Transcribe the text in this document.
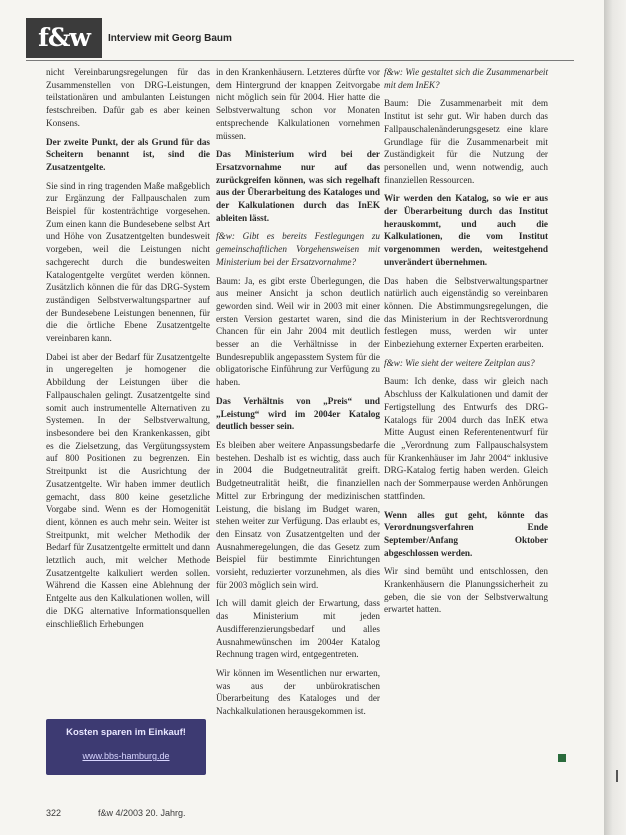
f&w	Interview mit Georg Baum

nicht Vereinbarungsregelungen für das Zusammenstellen von DRG-Leistungen, teilstationären und ambulanten Leistungen festschreiben. Dafür gab es aber keinen Konsens.

Der zweite Punkt, der als Grund für das Scheitern benannt ist, sind die Zusatzentgelte.

Sie sind in ring tragenden Maße maßgeblich zur Ergänzung der Fallpauschalen zum Beispiel für kostenträchtige vorgesehen. Zum einen kann die Bundesebene selbst Art und Höhe von Zusatzentgelten bundesweit vorgeben, weil die Leistungen nicht sachgerecht durch die bundesweiten Katalogentgelte vergütet werden können. Zusätzlich können die für das DRG-System zuständigen Selbstverwaltungspartner auf der Bundesebene Leistungen benennen, für die die örtliche Ebene Zusatzentgelte vereinbaren kann.

Dabei ist aber der Bedarf für Zusatzentgelte in ungeregelten je homogener die Abbildung der Leistungen über die Fallpauschalen gelingt. Zusatzentgelte sind somit auch instrumentelle Alternativen zu Systemen. In der Selbstverwaltung, insbesondere bei den Krankenkassen, gibt es die Zielsetzung, das Vergütungssystem auf 800 Positionen zu begrenzen. Ein Streitpunkt ist die Ausrichtung der Zusatzentgelte. Wir haben immer deutlich gemacht, dass 800 keine gesetzliche Vorgabe sind. Wenn es der Homogenität dient, können es auch mehr sein. Weiter ist Streitpunkt, mit welcher Methodik der Bedarf für Zusatzentgelte ermittelt und dann letztlich auch, mit welcher Methode Zusatzentgelte kalkuliert werden sollen. Während die Kassen eine Ablehnung der Entgelte aus den Kalkulationen wollen, will die DKG alternative Informationsquellen einschließlich Erhebungen

in den Krankenhäusern. Letzteres dürfte vor dem Hintergrund der knappen Zeitvorgabe nicht möglich sein für 2004. Hier hatte die Selbstverwaltung schon vor Monaten entsprechende Kalkulationen vornehmen müssen.

Das Ministerium wird bei der Ersatzvornahme nur auf das zurückgreifen können, was sich regelhaft aus der Überarbeitung des Kataloges und der Kalkulationen durch das InEK ableiten lässt.

f&w: Gibt es bereits Festlegungen zu gemeinschaftlichen Vorgehensweisen mit Ministerium bei der Ersatzvornahme?

Baum: Ja, es gibt erste Überlegungen, die aus meiner Ansicht ja schon deutlich geworden sind. Weil wir in 2003 mit einer ersten Version gestartet waren, sind die Chancen für ein Jahr 2004 mit deutlich besser an die Verhältnisse in der Bundesrepublik angepasstem System für die obligatorische Einführung zur Verfügung zu haben.

Das Verhältnis von „Preis“ und „Leistung“ wird im 2004er Katalog deutlich besser sein.

Es bleiben aber weitere Anpassungsbedarfe bestehen. Deshalb ist es wichtig, dass auch in 2004 die Budgetneutralität greift. Budgetneutralität heißt, die finanziellen Mittel zur Erbringung der medizinischen Leistung, die bislang im Budget waren, stehen weiter zur Verfügung. Das erlaubt es, den Einsatz von Zusatzentgelten und der Ausnahmeregelungen, die das Gesetz zum Beispiel für bestimmte Einrichtungen vorsieht, reduzierter vorzunehmen, als dies für 2003 möglich sein wird.

Ich will damit gleich der Erwartung, dass das Ministerium mit jeden Ausdifferenzierungsbedarf und alles Ausnahmewünschen im 2004er Katalog Rechnung tragen wird, entgegentreten.

Wir können im Wesentlichen nur erwarten, was aus der unbürokratischen Überarbeitung des Kataloges und der Nachkalkulationen herausgekommen ist.

f&w: Wie gestaltet sich die Zusammenarbeit mit dem InEK?

Baum: Die Zusammenarbeit mit dem Institut ist sehr gut. Wir haben durch das Fallpauschalenänderungsgesetz eine klare Grundlage für die Zusammenarbeit mit Zuständigkeit für die Nutzung der personellen und, wenn notwendig, auch finanziellen Ressourcen.

Wir werden den Katalog, so wie er aus der Überarbeitung durch das Institut herauskommt, und auch die Kalkulationen, die vom Institut vorgenommen werden, weitestgehend unverändert übernehmen.

Das haben die Selbstverwaltungspartner natürlich auch eigenständig so vereinbaren können. Die Abstimmungsregelungen, die das Ministerium in der Rechtsverordnung festlegen muss, werden wir unter Einbeziehung externer Experten erarbeiten.

f&w: Wie sieht der weitere Zeitplan aus?

Baum: Ich denke, dass wir gleich nach Abschluss der Kalkulationen und damit der Fertigstellung des Entwurfs des DRG-Katalogs für 2004 durch das InEK etwa Mitte August einen Referentenentwurf für die „Verordnung zum Fallpauschalsystem für Krankenhäuser im Jahr 2004“ inklusive DRG-Katalog fertig haben werden. Gleich nach der Sommerpause werden Anhörungen stattfinden.

Wenn alles gut geht, könnte das Verordnungsverfahren Ende September/Anfang Oktober abgeschlossen werden.

Wir sind bemüht und entschlossen, den Krankenhäusern die Planungssicherheit zu geben, die sie von der Selbstverwaltung erwartet hatten.

Kosten sparen im Einkauf!
www.bbs-hamburg.de
322	f&w 4/2003 20. Jahrg.
